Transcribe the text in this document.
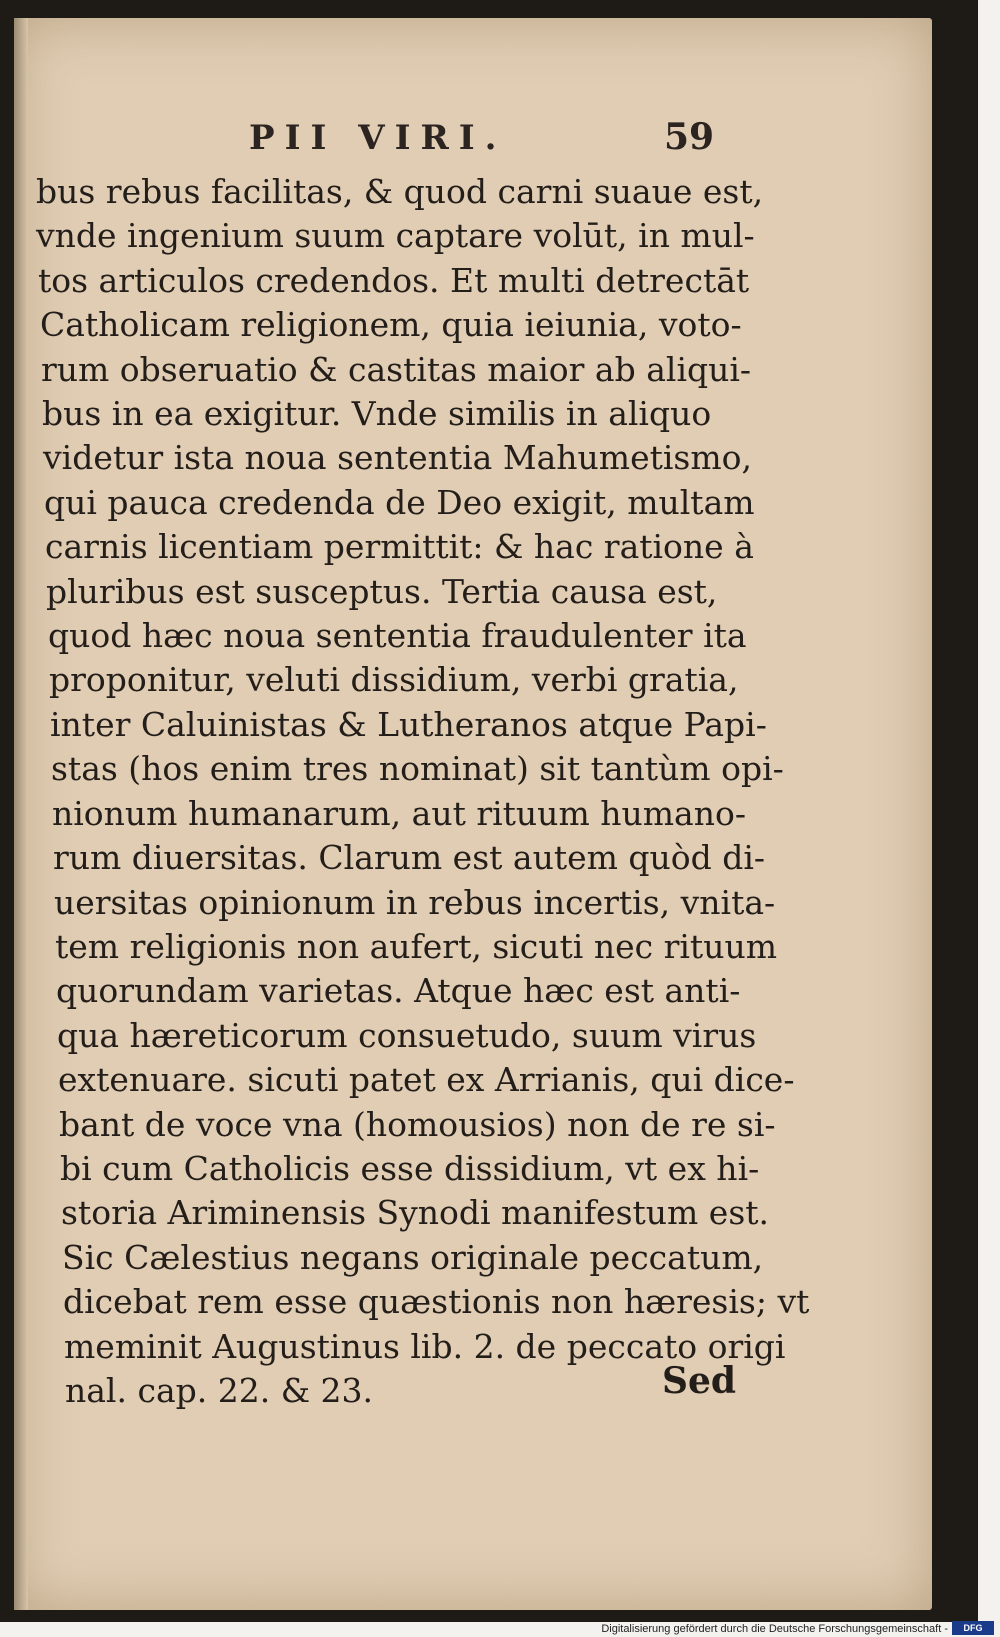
PII VIRI.	59
bus rebus facilitas, & quod carni suaue est,
vnde ingenium suum captare volūt, in mul-
tos articulos credendos. Et multi detrectāt
Catholicam religionem, quia ieiunia, voto-
rum obseruatio & castitas maior ab aliqui-
bus in ea exigitur. Vnde similis in aliquo
videtur ista noua sententia Mahumetismo,
qui pauca credenda de Deo exigit, multam
carnis licentiam permittit: & hac ratione à
pluribus est susceptus. Tertia causa est,
quod hæc noua sententia fraudulenter ita
proponitur, veluti dissidium, verbi gratia,
inter Caluinistas & Lutheranos atque Papi-
stas (hos enim tres nominat) sit tantùm opi-
nionum humanarum, aut rituum humano-
rum diuersitas. Clarum est autem quòd di-
uersitas opinionum in rebus incertis, vnita-
tem religionis non aufert, sicuti nec rituum
quorundam varietas. Atque hæc est anti-
qua hæreticorum consuetudo, suum virus
extenuare. sicuti patet ex Arrianis, qui dice-
bant de voce vna (homousios) non de re si-
bi cum Catholicis esse dissidium, vt ex hi-
storia Ariminensis Synodi manifestum est.
Sic Cælestius negans originale peccatum,
dicebat rem esse quæstionis non hæresis; vt
meminit Augustinus lib. 2. de peccato origi
nal. cap. 22. & 23.	Sed
Digitalisierung gefördert durch die Deutsche Forschungsgemeinschaft -	DFG
